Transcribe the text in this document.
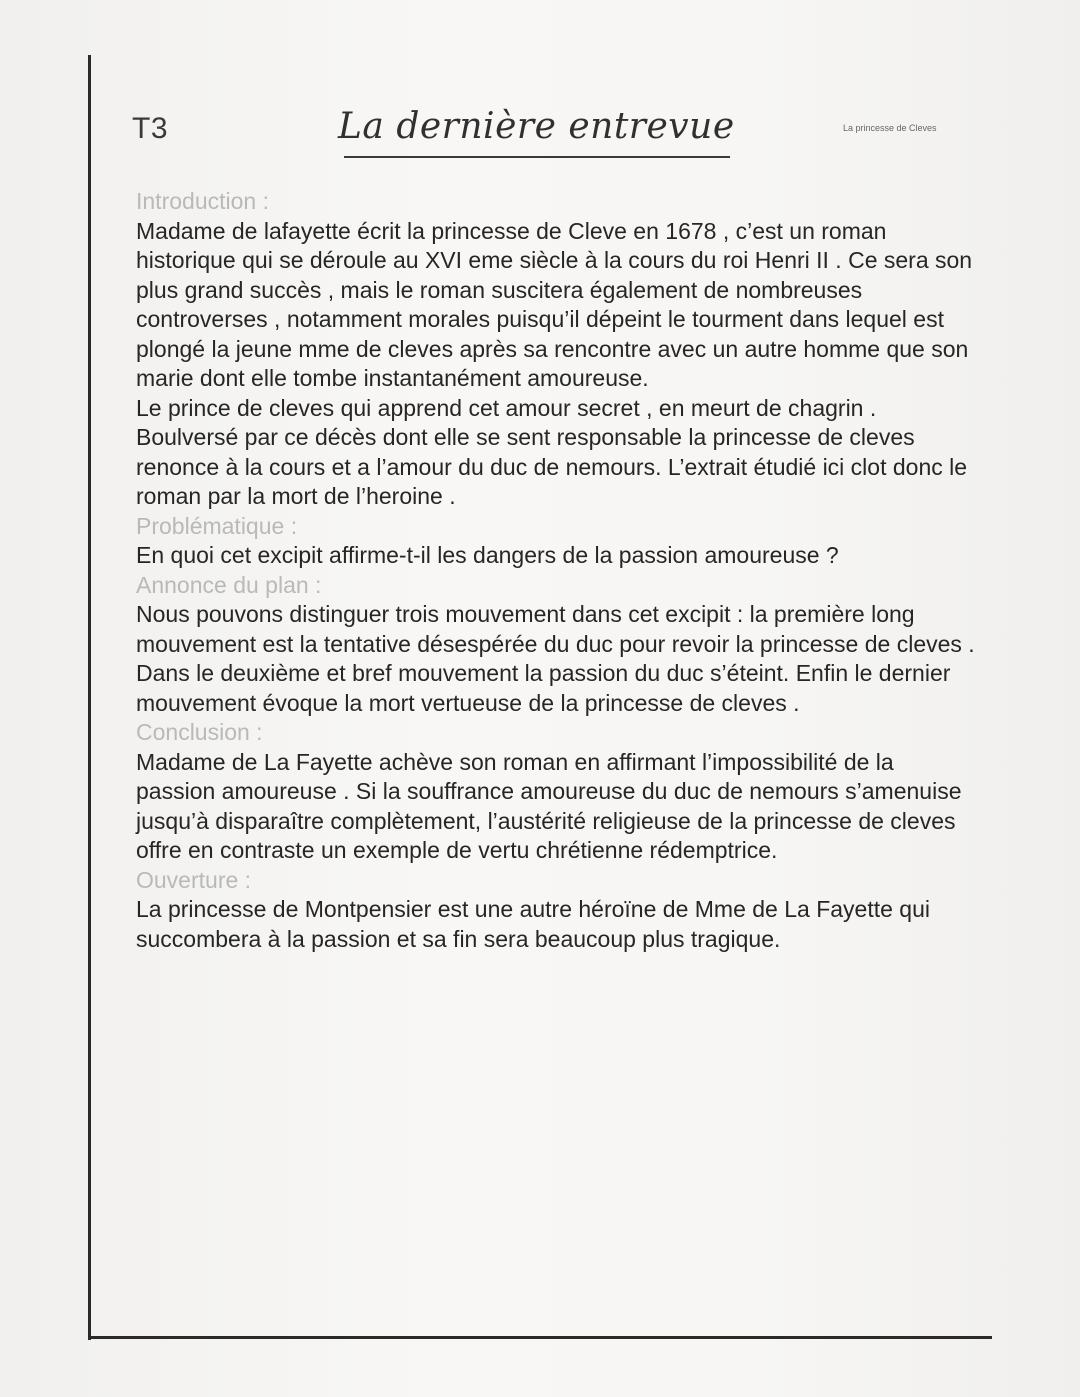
T3	La dernière entrevue	La princesse de Cleves
Introduction :

Madame de lafayette écrit la princesse de Cleve en 1678 , c’est un roman historique qui se déroule au XVI eme siècle à la cours du roi Henri II . Ce sera son plus grand succès , mais le roman suscitera également de nombreuses controverses , notamment morales puisqu’il dépeint le tourment dans lequel est plongé la jeune mme de cleves après sa rencontre avec un autre homme que son marie dont elle tombe instantanément amoureuse.

Le prince de cleves qui apprend cet amour secret , en meurt de chagrin . Boulversé par ce décès dont elle se sent responsable la princesse de cleves renonce à la cours et a l’amour du duc de nemours. L’extrait étudié ici clot donc le roman par la mort de l’heroine .

Problématique :

En quoi cet excipit affirme-t-il les dangers de la passion amoureuse ?

Annonce du plan :

Nous pouvons distinguer trois mouvement dans cet excipit : la première long mouvement est la tentative désespérée du duc pour revoir la princesse de cleves . Dans le deuxième et bref mouvement la passion du duc s’éteint. Enfin le dernier mouvement évoque la mort vertueuse de la princesse de cleves .

Conclusion :

Madame de La Fayette achève son roman en affirmant l’impossibilité de la passion amoureuse . Si la souffrance amoureuse du duc de nemours s’amenuise jusqu’à disparaître complètement, l’austérité religieuse de la princesse de cleves offre en contraste un exemple de vertu chrétienne rédemptrice.

Ouverture :

La princesse de Montpensier est une autre héroïne de Mme de La Fayette qui succombera à la passion et sa fin sera beaucoup plus tragique.
